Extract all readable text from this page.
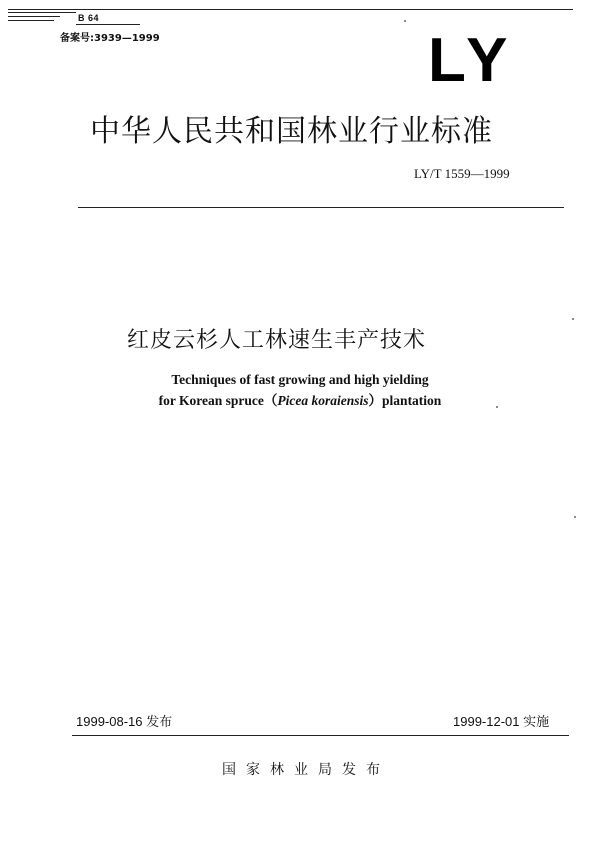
B 64
备案号:3939—1999	LY
中华人民共和国林业行业标准
LY/T 1559—1999
红皮云杉人工林速生丰产技术
Techniques of fast growing and high yielding
for Korean spruce（Picea koraiensis）plantation
1999-08-16 发布	1999-12-01 实施
国家林业局发布
